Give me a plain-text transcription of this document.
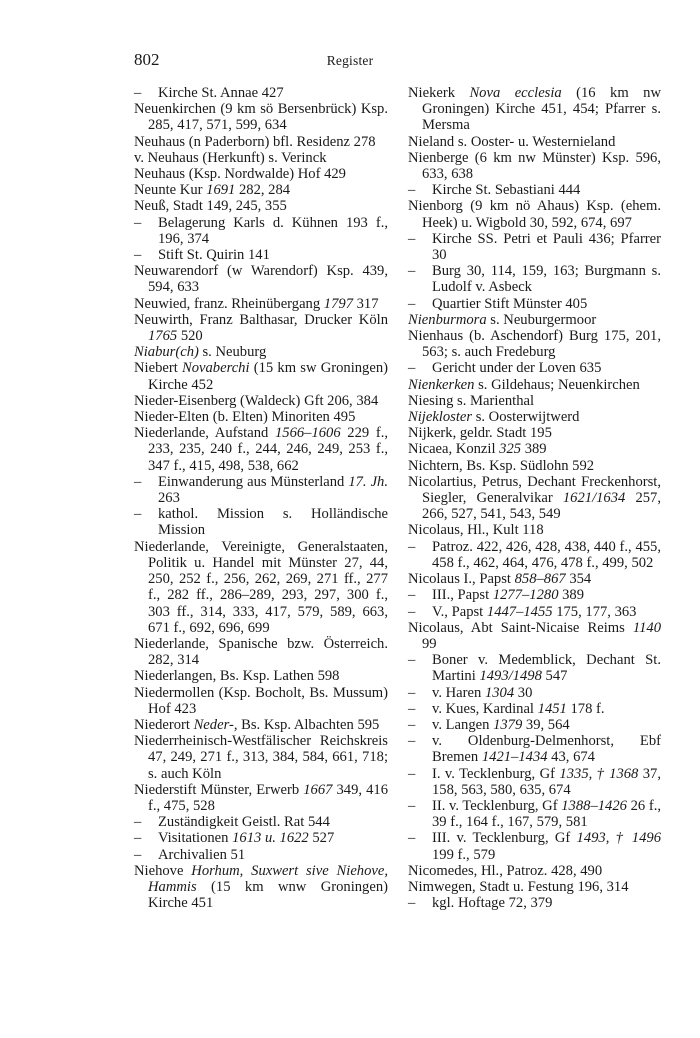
802	Register

– Kirche St. Annae 427

Neuenkirchen (9 km sö Bersenbrück) Ksp. 285, 417, 571, 599, 634

Neuhaus (n Paderborn) bfl. Residenz 278

v. Neuhaus (Herkunft) s. Verinck

Neuhaus (Ksp. Nordwalde) Hof 429

Neunte Kur 1691 282, 284

Neuß, Stadt 149, 245, 355

– Belagerung Karls d. Kühnen 193 f., 196, 374

– Stift St. Quirin 141

Neuwarendorf (w Warendorf) Ksp. 439, 594, 633

Neuwied, franz. Rheinübergang 1797 317

Neuwirth, Franz Balthasar, Drucker Köln 1765 520

Niabur(ch) s. Neuburg

Niebert Novaberchi (15 km sw Groningen) Kirche 452

Nieder-Eisenberg (Waldeck) Gft 206, 384

Nieder-Elten (b. Elten) Minoriten 495

Niederlande, Aufstand 1566–1606 229 f., 233, 235, 240 f., 244, 246, 249, 253 f., 347 f., 415, 498, 538, 662

– Einwanderung aus Münsterland 17. Jh. 263

– kathol. Mission s. Holländische Mission

Niederlande, Vereinigte, Generalstaaten, Politik u. Handel mit Münster 27, 44, 250, 252 f., 256, 262, 269, 271 ff., 277 f., 282 ff., 286–289, 293, 297, 300 f., 303 ff., 314, 333, 417, 579, 589, 663, 671 f., 692, 696, 699

Niederlande, Spanische bzw. Österreich. 282, 314

Niederlangen, Bs. Ksp. Lathen 598

Niedermollen (Ksp. Bocholt, Bs. Mussum) Hof 423

Niederort Neder-, Bs. Ksp. Albachten 595

Niederrheinisch-Westfälischer Reichskreis 47, 249, 271 f., 313, 384, 584, 661, 718; s. auch Köln

Niederstift Münster, Erwerb 1667 349, 416 f., 475, 528

– Zuständigkeit Geistl. Rat 544

– Visitationen 1613 u. 1622 527

– Archivalien 51

Niehove Horhum, Suxwert sive Niehove, Hammis (15 km wnw Groningen) Kirche 451

Niekerk Nova ecclesia (16 km nw Groningen) Kirche 451, 454; Pfarrer s. Mersma

Nieland s. Ooster- u. Westernieland

Nienberge (6 km nw Münster) Ksp. 596, 633, 638

– Kirche St. Sebastiani 444

Nienborg (9 km nö Ahaus) Ksp. (ehem. Heek) u. Wigbold 30, 592, 674, 697

– Kirche SS. Petri et Pauli 436; Pfarrer 30

– Burg 30, 114, 159, 163; Burgmann s. Ludolf v. Asbeck

– Quartier Stift Münster 405

Nienburmora s. Neuburgermoor

Nienhaus (b. Aschendorf) Burg 175, 201, 563; s. auch Fredeburg

– Gericht under der Loven 635

Nienkerken s. Gildehaus; Neuenkirchen

Niesing s. Marienthal

Nijekloster s. Oosterwijtwerd

Nijkerk, geldr. Stadt 195

Nicaea, Konzil 325 389

Nichtern, Bs. Ksp. Südlohn 592

Nicolartius, Petrus, Dechant Freckenhorst, Siegler, Generalvikar 1621/1634 257, 266, 527, 541, 543, 549

Nicolaus, Hl., Kult 118

– Patroz. 422, 426, 428, 438, 440 f., 455, 458 f., 462, 464, 476, 478 f., 499, 502

Nicolaus I., Papst 858–867 354

– III., Papst 1277–1280 389

– V., Papst 1447–1455 175, 177, 363

Nicolaus, Abt Saint-Nicaise Reims 1140 99

– Boner v. Medemblick, Dechant St. Martini 1493/1498 547

– v. Haren 1304 30

– v. Kues, Kardinal 1451 178 f.

– v. Langen 1379 39, 564

– v. Oldenburg-Delmenhorst, Ebf Bremen 1421–1434 43, 674

– I. v. Tecklenburg, Gf 1335, † 1368 37, 158, 563, 580, 635, 674

– II. v. Tecklenburg, Gf 1388–1426 26 f., 39 f., 164 f., 167, 579, 581

– III. v. Tecklenburg, Gf 1493, † 1496 199 f., 579

Nicomedes, Hl., Patroz. 428, 490

Nimwegen, Stadt u. Festung 196, 314

– kgl. Hoftage 72, 379
